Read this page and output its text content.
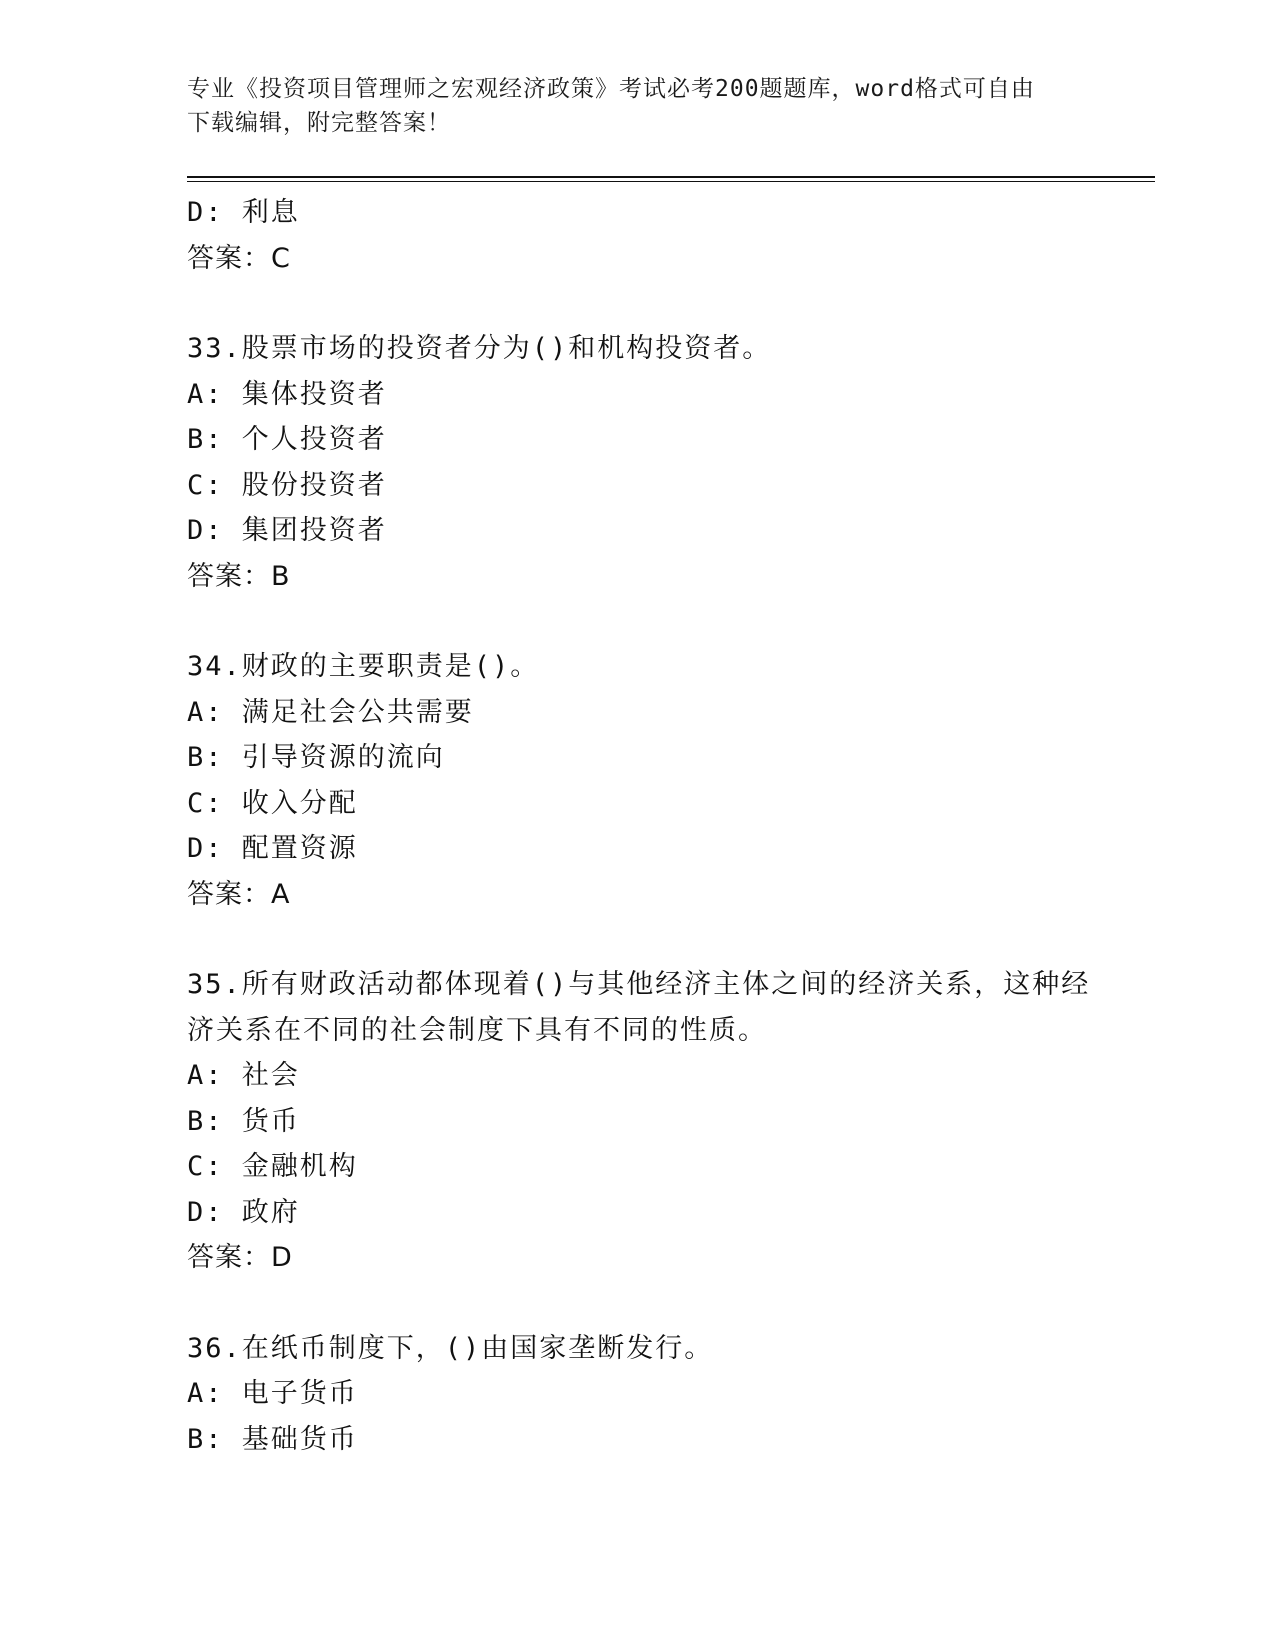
专业《投资项目管理师之宏观经济政策》考试必考200题题库，word格式可自由
下载编辑，附完整答案！
D: 利息
答案：C
33.股票市场的投资者分为()和机构投资者。
A: 集体投资者
B: 个人投资者
C: 股份投资者
D: 集团投资者
答案：B
34.财政的主要职责是()。
A: 满足社会公共需要
B: 引导资源的流向
C: 收入分配
D: 配置资源
答案：A
35.所有财政活动都体现着()与其他经济主体之间的经济关系，这种经
济关系在不同的社会制度下具有不同的性质。
A: 社会
B: 货币
C: 金融机构
D: 政府
答案：D
36.在纸币制度下，()由国家垄断发行。
A: 电子货币
B: 基础货币
